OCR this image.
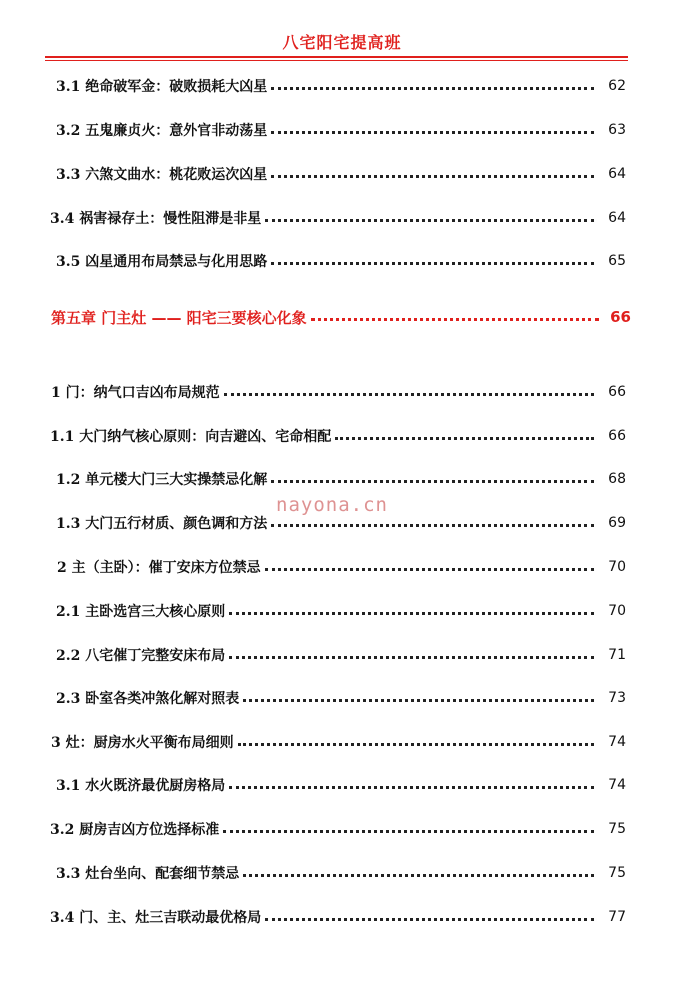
八宅阳宅提高班
3.1 绝命破军金：破败损耗大凶星	62
3.2 五鬼廉贞火：意外官非动荡星	63
3.3 六煞文曲水：桃花败运次凶星	64
3.4 祸害禄存土：慢性阻滞是非星	64
3.5 凶星通用布局禁忌与化用思路	65
第五章 门主灶 —— 阳宅三要核心化象	66
1 门：纳气口吉凶布局规范	66
1.1 大门纳气核心原则：向吉避凶、宅命相配	66
1.2 单元楼大门三大实操禁忌化解	68
1.3 大门五行材质、颜色调和方法	69
2 主（主卧）：催丁安床方位禁忌	70
2.1 主卧选宫三大核心原则	70
2.2 八宅催丁完整安床布局	71
2.3 卧室各类冲煞化解对照表	73
3 灶：厨房水火平衡布局细则	74
3.1 水火既济最优厨房格局	74
3.2 厨房吉凶方位选择标准	75
3.3 灶台坐向、配套细节禁忌	75
3.4 门、主、灶三吉联动最优格局	77
nayona.cn
